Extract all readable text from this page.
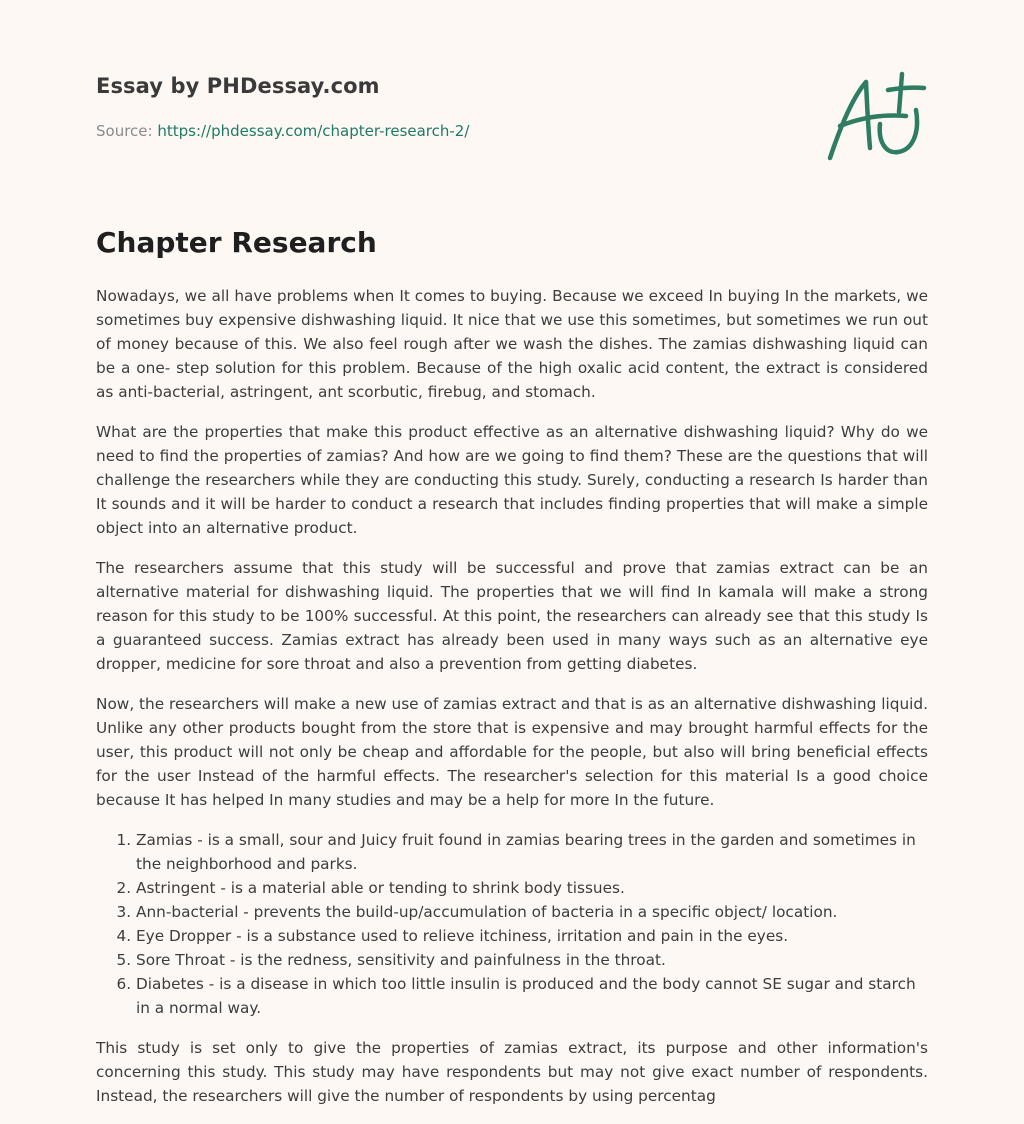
Essay by PHDessay.com
Source: https://phdessay.com/chapter-research-2/
Chapter Research

Nowadays, we all have problems when It comes to buying. Because we exceed In buying In the markets, we sometimes buy expensive dishwashing liquid. It nice that we use this sometimes, but sometimes we run out of money because of this. We also feel rough after we wash the dishes. The zamias dishwashing liquid can be a one- step solution for this problem. Because of the high oxalic acid content, the extract is considered as anti-bacterial, astringent, ant scorbutic, firebug, and stomach.

What are the properties that make this product effective as an alternative dishwashing liquid? Why do we need to find the properties of zamias? And how are we going to find them? These are the questions that will challenge the researchers while they are conducting this study. Surely, conducting a research Is harder than It sounds and it will be harder to conduct a research that includes finding properties that will make a simple object into an alternative product.

The researchers assume that this study will be successful and prove that zamias extract can be an alternative material for dishwashing liquid. The properties that we will find In kamala will make a strong reason for this study to be 100% successful. At this point, the researchers can already see that this study Is a guaranteed success. Zamias extract has already been used in many ways such as an alternative eye dropper, medicine for sore throat and also a prevention from getting diabetes.

Now, the researchers will make a new use of zamias extract and that is as an alternative dishwashing liquid. Unlike any other products bought from the store that is expensive and may brought harmful effects for the user, this product will not only be cheap and affordable for the people, but also will bring beneficial effects for the user Instead of the harmful effects. The researcher's selection for this material Is a good choice because It has helped In many studies and may be a help for more In the future.

1. Zamias - is a small, sour and Juicy fruit found in zamias bearing trees in the garden and sometimes in the neighborhood and parks.
2. Astringent - is a material able or tending to shrink body tissues.
3. Ann-bacterial - prevents the build-up/accumulation of bacteria in a specific object/ location.
4. Eye Dropper - is a substance used to relieve itchiness, irritation and pain in the eyes.
5. Sore Throat - is the redness, sensitivity and painfulness in the throat.
6. Diabetes - is a disease in which too little insulin is produced and the body cannot SE sugar and starch in a normal way.

This study is set only to give the properties of zamias extract, its purpose and other information's concerning this study. This study may have respondents but may not give exact number of respondents. Instead, the researchers will give the number of respondents by using percentag
